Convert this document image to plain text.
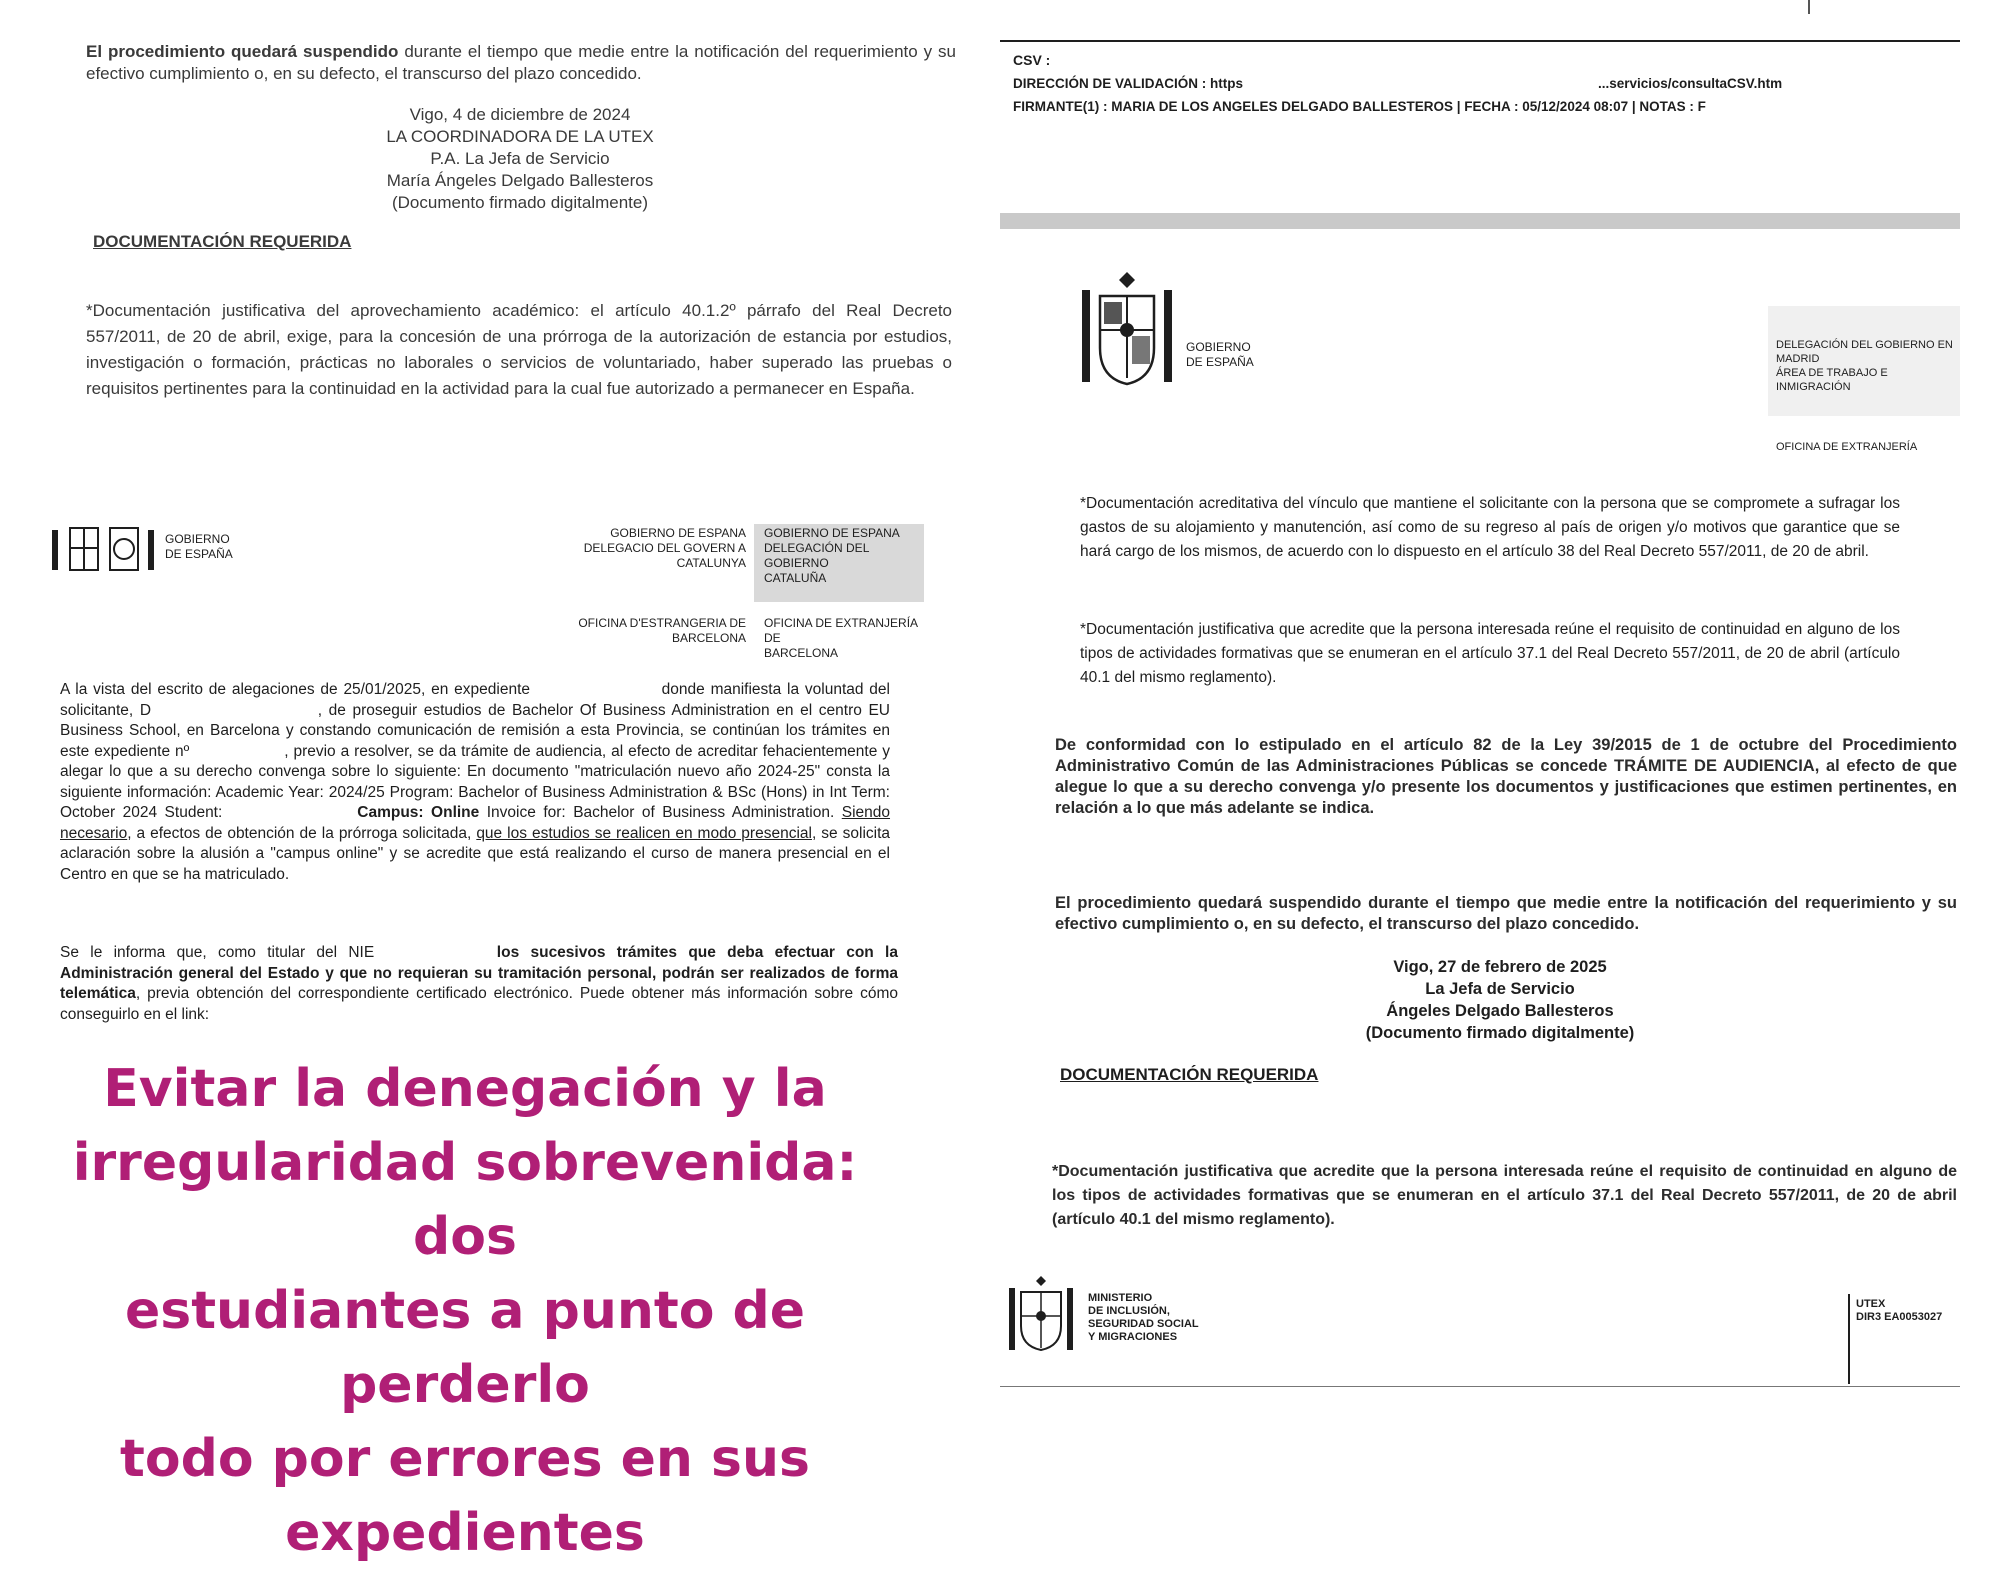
El procedimiento quedará suspendido durante el tiempo que medie entre la notificación del requerimiento y su efectivo cumplimiento o, en su defecto, el transcurso del plazo concedido.
Vigo, 4 de diciembre de 2024
LA COORDINADORA DE LA UTEX
P.A. La Jefa de Servicio
María Ángeles Delgado Ballesteros
(Documento firmado digitalmente)
DOCUMENTACIÓN REQUERIDA
*Documentación justificativa del aprovechamiento académico: el artículo 40.1.2º párrafo del Real Decreto 557/2011, de 20 de abril, exige, para la concesión de una prórroga de la autorización de estancia por estudios, investigación o formación, prácticas no laborales o servicios de voluntariado, haber superado las pruebas o requisitos pertinentes para la continuidad en la actividad para la cual fue autorizado a permanecer en España.
GOBIERNO
DE ESPAÑA
GOBIERNO DE ESPANA
DELEGACIO DEL GOVERN A
CATALUNYA
GOBIERNO DE ESPANA
DELEGACIÓN DEL GOBIERNO
CATALUÑA
OFICINA D'ESTRANGERIA DE
BARCELONA
OFICINA DE EXTRANJERÍA DE
BARCELONA
A la vista del escrito de alegaciones de 25/01/2025, en expediente	donde manifiesta la voluntad del solicitante, D	, de proseguir estudios de Bachelor Of Business Administration en el centro EU Business School, en Barcelona y constando comunicación de remisión a esta Provincia, se continúan los trámites en este expediente nº	, previo a resolver, se da trámite de audiencia, al efecto de acreditar fehacientemente y alegar lo que a su derecho convenga sobre lo siguiente: En documento "matriculación nuevo año 2024-25" consta la siguiente información: Academic Year: 2024/25 Program: Bachelor of Business Administration & BSc (Hons) in Int Term: October 2024 Student:	Campus: Online Invoice for: Bachelor of Business Administration. Siendo necesario, a efectos de obtención de la prórroga solicitada, que los estudios se realicen en modo presencial, se solicita aclaración sobre la alusión a "campus online" y se acredite que está realizando el curso de manera presencial en el Centro en que se ha matriculado.
Se le informa que, como titular del NIE	los sucesivos trámites que deba efectuar con la Administración general del Estado y que no requieran su tramitación personal, podrán ser realizados de forma telemática, previa obtención del correspondiente certificado electrónico. Puede obtener más información sobre cómo conseguirlo en el link:
Evitar la denegación y la
irregularidad sobrevenida: dos
estudiantes a punto de perderlo
todo por errores en sus
expedientes
CSV :
DIRECCIÓN DE VALIDACIÓN : https	...servicios/consultaCSV.htm
FIRMANTE(1) : MARIA DE LOS ANGELES DELGADO BALLESTEROS | FECHA : 05/12/2024 08:07 | NOTAS : F
GOBIERNO
DE ESPAÑA
DELEGACIÓN DEL GOBIERNO EN
MADRID
ÁREA DE TRABAJO E INMIGRACIÓN
OFICINA DE EXTRANJERÍA
*Documentación acreditativa del vínculo que mantiene el solicitante con la persona que se compromete a sufragar los gastos de su alojamiento y manutención, así como de su regreso al país de origen y/o motivos que garantice que se hará cargo de los mismos, de acuerdo con lo dispuesto en el artículo 38 del Real Decreto 557/2011, de 20 de abril.
*Documentación justificativa que acredite que la persona interesada reúne el requisito de continuidad en alguno de los tipos de actividades formativas que se enumeran en el artículo 37.1 del Real Decreto 557/2011, de 20 de abril (artículo 40.1 del mismo reglamento).
De conformidad con lo estipulado en el artículo 82 de la Ley 39/2015 de 1 de octubre del Procedimiento Administrativo Común de las Administraciones Públicas se concede TRÁMITE DE AUDIENCIA, al efecto de que alegue lo que a su derecho convenga y/o presente los documentos y justificaciones que estimen pertinentes, en relación a lo que más adelante se indica.
El procedimiento quedará suspendido durante el tiempo que medie entre la notificación del requerimiento y su efectivo cumplimiento o, en su defecto, el transcurso del plazo concedido.
Vigo, 27 de febrero de 2025
La Jefa de Servicio
Ángeles Delgado Ballesteros
(Documento firmado digitalmente)
DOCUMENTACIÓN REQUERIDA
*Documentación justificativa que acredite que la persona interesada reúne el requisito de continuidad en alguno de los tipos de actividades formativas que se enumeran en el artículo 37.1 del Real Decreto 557/2011, de 20 de abril (artículo 40.1 del mismo reglamento).
MINISTERIO
DE INCLUSIÓN,
SEGURIDAD SOCIAL
Y MIGRACIONES
UTEX
DIR3 EA0053027
